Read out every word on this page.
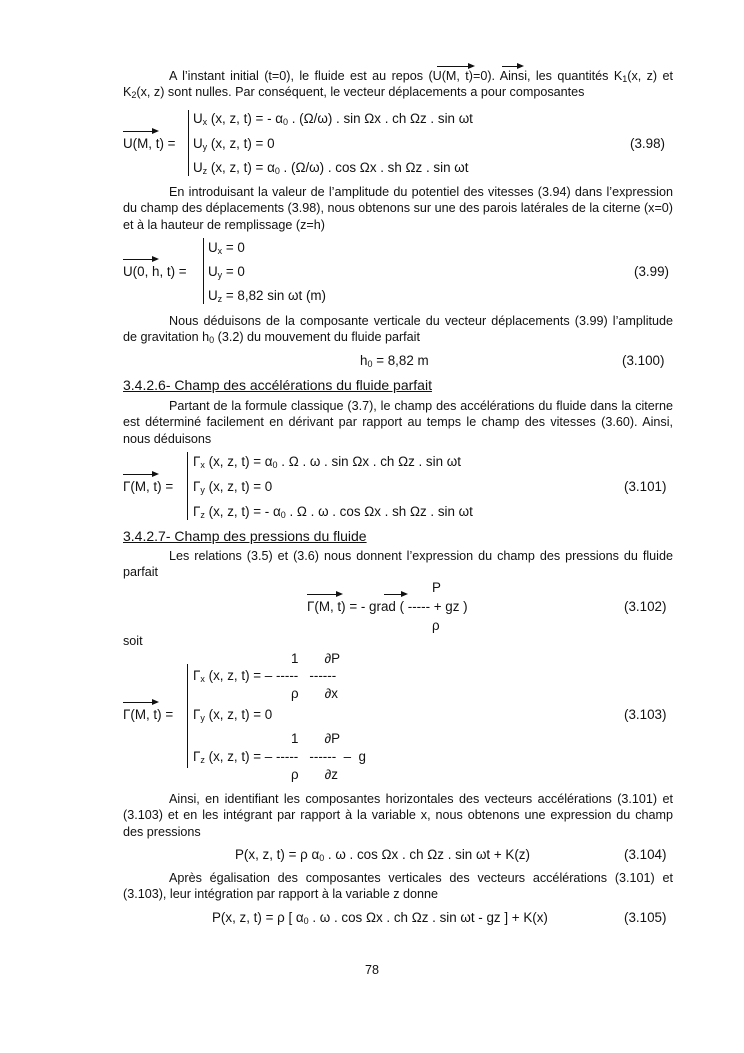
A l’instant initial (t=0), le fluide est au repos (U(M, t)=0). Ainsi, les quantités $K_1(x$, z) et $K_2(x$, z) sont nulles. Par conséquent, le vecteur déplacements a pour composantes
U(M, t) =
$U_x$ (x, z, t) = - $\alpha_0$ . (Ω/ω) . sin Ωx . ch Ωz . sin ωt
$U_y$ (x, z, t) = 0
$U_z$ (x, z, $t) = \alpha_0$ . (Ω/ω) . cos Ωx . sh Ωz . sin ωt
(3.98)
En introduisant la valeur de l’amplitude du potentiel des vitesses (3.94) dans l’expression du champ des déplacements (3.98), nous obtenons sur une des parois latérales de la citerne (x=0) et à la hauteur de remplissage (z=h)
U(0, h, t) =
$U_x = 0$
$U_y = 0$
$U_z = 8,82$ sin ωt (m)
(3.99)
Nous déduisons de la composante verticale du vecteur déplacements (3.99) l’amplitude de gravitation $h_0$ (3.2) du mouvement du fluide parfait
$h_0 = 8,82$ m	(3.100)
3.4.2.6- Champ des accélérations du fluide parfait
Partant de la formule classique (3.7), le champ des accélérations du fluide dans la citerne est déterminé facilement en dérivant par rapport au temps le champ des vitesses (3.60). Ainsi, nous déduisons
Γ(M, t) =
$\Gamma_x$ (x, z, $t) = \alpha_0$ . Ω . ω . sin Ωx . ch Ωz . sin ωt
$\Gamma_y$ (x, z, t) = 0
$\Gamma_z$ (x, z, t) = - $\alpha_0$ . Ω . ω . cos Ωx . sh Ωz . sin ωt
(3.101)
3.4.2.7- Champ des pressions du fluide
Les relations (3.5) et (3.6) nous donnent l’expression du champ des pressions du fluide parfait
P
Γ(M, t) = - grad ( ----- + gz )
ρ
(3.102)
soit
1       ∂P
$\Gamma_x$ (x, z, t) = – -----   ------
ρ       ∂x
Γ(M, $t) = \Gamma_y$ (x, z, t) = 0
1       ∂P
$\Gamma_z$ (x, z, t) = – -----   ------  –  g
ρ       ∂z
(3.103)
Ainsi, en identifiant les composantes horizontales des vecteurs accélérations (3.101) et (3.103) et en les intégrant par rapport à la variable x, nous obtenons une expression du champ des pressions
P(x, z, t) = ρ $\alpha_0$ . ω . cos Ωx . ch Ωz . sin ωt + K(z)	(3.104)
Après égalisation des composantes verticales des vecteurs accélérations (3.101) et (3.103), leur intégration par rapport à la variable z donne
P(x, z, t) = ρ [ $\alpha_0$ . ω . cos Ωx . ch Ωz . sin ωt - gz ] + K(x)	(3.105)
78
